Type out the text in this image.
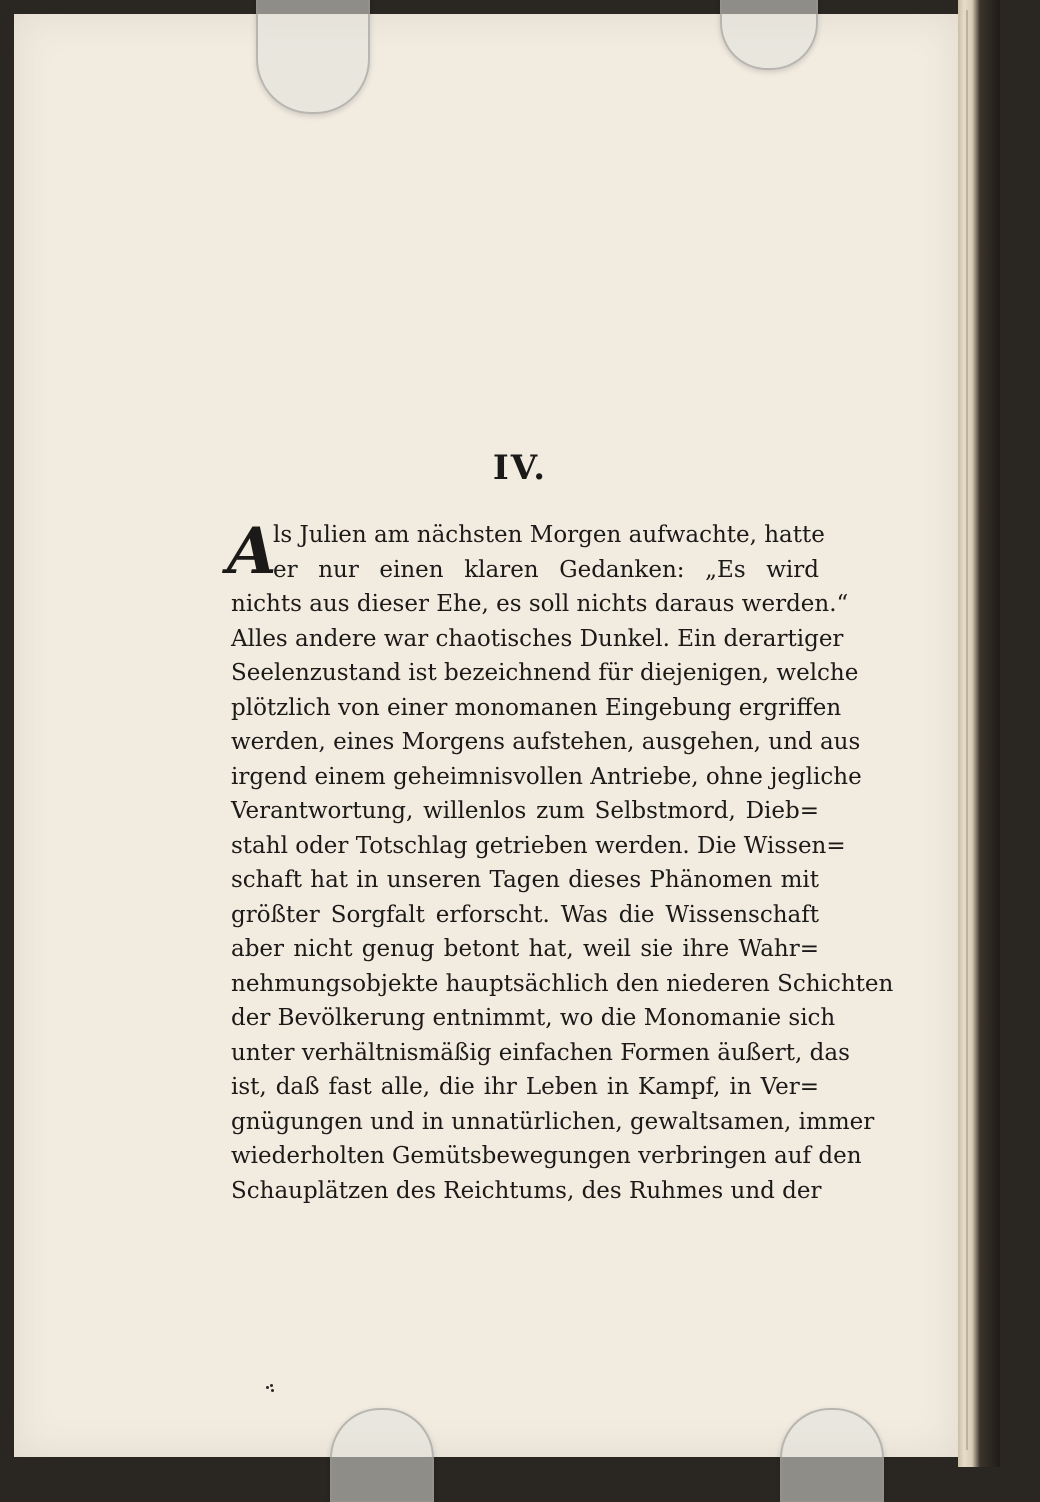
IV.
A
ls Julien am nächsten Morgen aufwachte, hatte
er nur einen klaren Gedanken: „Es wird
nichts aus dieser Ehe, es soll nichts daraus werden.“
Alles andere war chaotisches Dunkel. Ein derartiger
Seelenzustand ist bezeichnend für diejenigen, welche
plötzlich von einer monomanen Eingebung ergriffen
werden, eines Morgens aufstehen, ausgehen, und aus
irgend einem geheimnisvollen Antriebe, ohne jegliche
Verantwortung, willenlos zum Selbstmord, Dieb=
stahl oder Totschlag getrieben werden. Die Wissen=
schaft hat in unseren Tagen dieses Phänomen mit
größter Sorgfalt erforscht. Was die Wissenschaft
aber nicht genug betont hat, weil sie ihre Wahr=
nehmungsobjekte hauptsächlich den niederen Schichten
der Bevölkerung entnimmt, wo die Monomanie sich
unter verhältnismäßig einfachen Formen äußert, das
ist, daß fast alle, die ihr Leben in Kampf, in Ver=
gnügungen und in unnatürlichen, gewaltsamen, immer
wiederholten Gemütsbewegungen verbringen auf den
Schauplätzen des Reichtums, des Ruhmes und der
